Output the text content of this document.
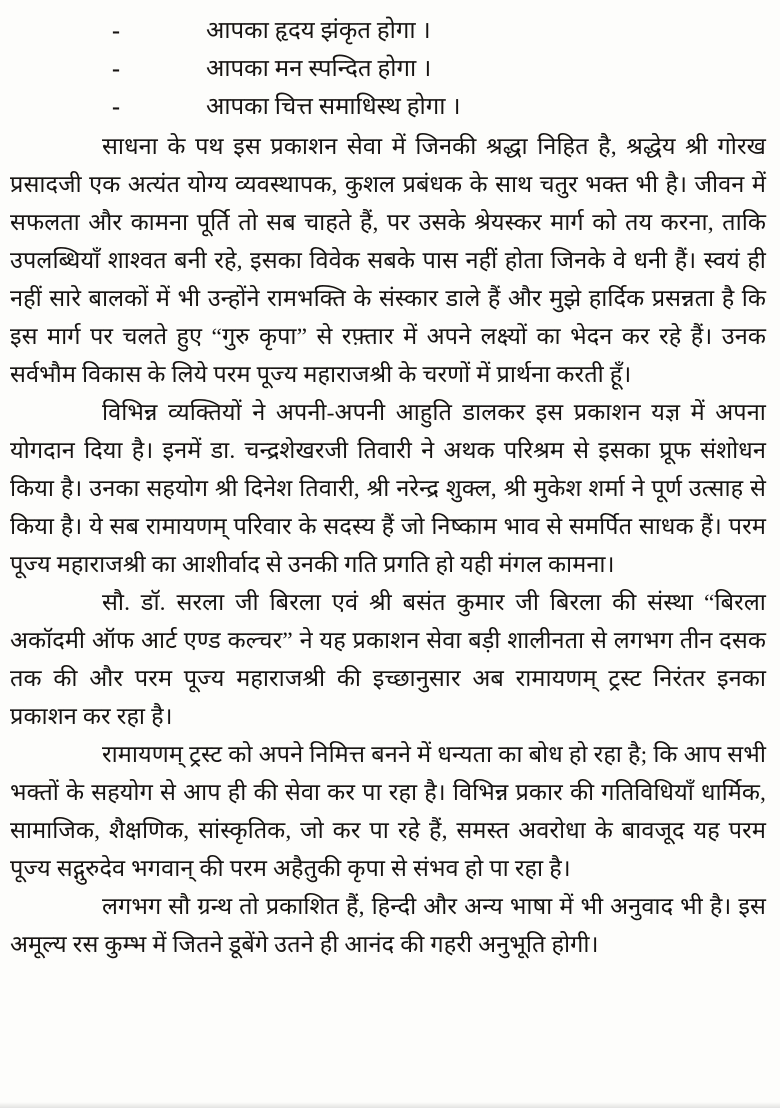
-	आपका हृदय झंकृत होगा ।
-	आपका मन स्पन्दित होगा ।
-	आपका चित्त समाधिस्थ होगा ।

साधना के पथ इस प्रकाशन सेवा में जिनकी श्रद्धा निहित है, श्रद्धेय श्री गोरख प्रसादजी एक अत्यंत योग्य व्यवस्थापक, कुशल प्रबंधक के साथ चतुर भक्त भी है। जीवन में सफलता और कामना पूर्ति तो सब चाहते हैं, पर उसके श्रेयस्कर मार्ग को तय करना, ताकि उपलब्धियाँ शाश्वत बनी रहे, इसका विवेक सबके पास नहीं होता जिनके वे धनी हैं। स्वयं ही नहीं सारे बालकों में भी उन्होंने रामभक्ति के संस्कार डाले हैं और मुझे हार्दिक प्रसन्नता है कि इस मार्ग पर चलते हुए “गुरु कृपा” से रफ़्तार में अपने लक्ष्यों का भेदन कर रहे हैं। उनक सर्वभौम विकास के लिये परम पूज्य महाराजश्री के चरणों में प्रार्थना करती हूँ।

विभिन्न व्यक्तियों ने अपनी-अपनी आहुति डालकर इस प्रकाशन यज्ञ में अपना योगदान दिया है। इनमें डा. चन्द्रशेखरजी तिवारी ने अथक परिश्रम से इसका प्रूफ संशोधन किया है। उनका सहयोग श्री दिनेश तिवारी, श्री नरेन्द्र शुक्ल, श्री मुकेश शर्मा ने पूर्ण उत्साह से किया है। ये सब रामायणम् परिवार के सदस्य हैं जो निष्काम भाव से समर्पित साधक हैं। परम पूज्य महाराजश्री का आशीर्वाद से उनकी गति प्रगति हो यही मंगल कामना।

सौ. डॉ. सरला जी बिरला एवं श्री बसंत कुमार जी बिरला की संस्था “बिरला अकॉदमी ऑफ आर्ट एण्ड कल्चर” ने यह प्रकाशन सेवा बड़ी शालीनता से लगभग तीन दसक तक की और परम पूज्य महाराजश्री की इच्छानुसार अब रामायणम् ट्रस्ट निरंतर इनका प्रकाशन कर रहा है।

रामायणम् ट्रस्ट को अपने निमित्त बनने में धन्यता का बोध हो रहा है; कि आप सभी भक्तों के सहयोग से आप ही की सेवा कर पा रहा है। विभिन्न प्रकार की गतिविधियाँ धार्मिक, सामाजिक, शैक्षणिक, सांस्कृतिक, जो कर पा रहे हैं, समस्त अवरोधा के बावजूद यह परम पूज्य सद्गुरुदेव भगवान् की परम अहैतुकी कृपा से संभव हो पा रहा है।

लगभग सौ ग्रन्थ तो प्रकाशित हैं, हिन्दी और अन्य भाषा में भी अनुवाद भी है। इस अमूल्य रस कुम्भ में जितने डूबेंगे उतने ही आनंद की गहरी अनुभूति होगी।
